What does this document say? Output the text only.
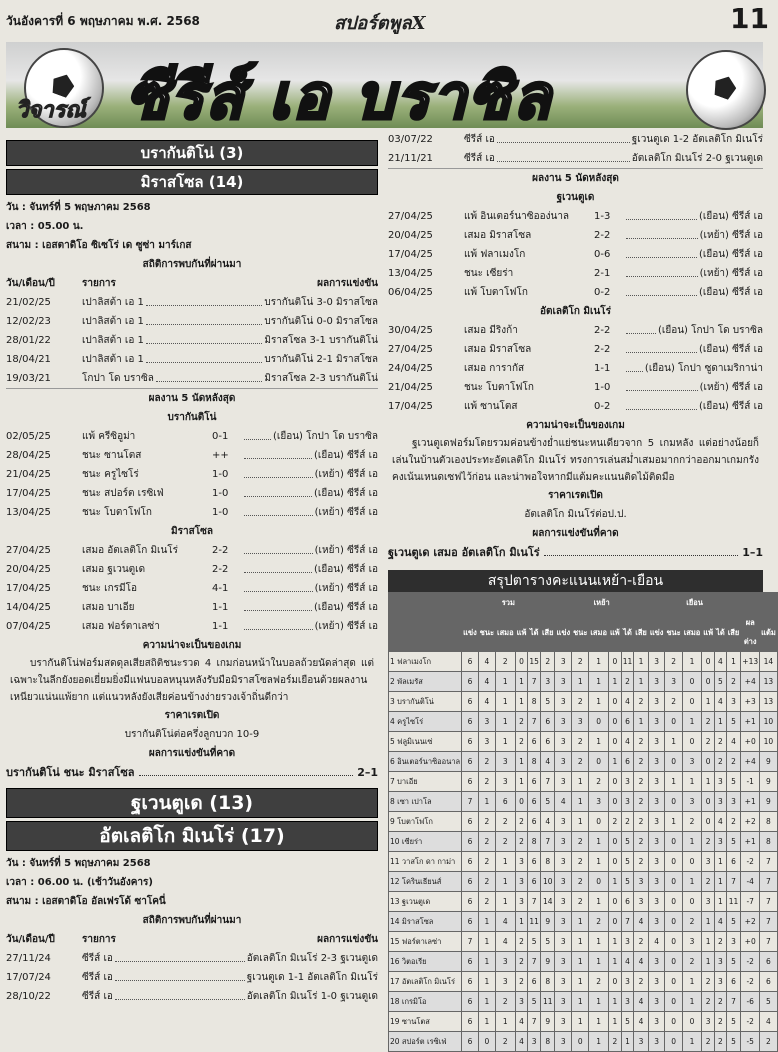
วันอังคารที่ 6 พฤษภาคม พ.ศ. 2568	สปอร์ตพูลX	11
วิจารณ์ ซีรีส์ เอ บราซิล
บรากันติโน่ (3)
มิราสโซล (14)
วัน : จันทร์ที่ 5 พฤษภาคม 2568
เวลา : 05.00 น.
สนาม : เอสตาดิโอ ซิเซโร่ เด ซูซ่า มาร์เกส
สถิติการพบกันที่ผ่านมา
วัน/เดือน/ปี	รายการ	ผลการแข่งขัน
21/02/25	เปาลิสต้า เอ 1	บรากันติโน่ 3-0 มิราสโซล
12/02/23	เปาลิสต้า เอ 1	บรากันติโน่ 0-0 มิราสโซล
28/01/22	เปาลิสต้า เอ 1	มิราสโซล 3-1 บรากันติโน่
18/04/21	เปาลิสต้า เอ 1	บรากันติโน่ 2-1 มิราสโซล
19/03/21	โกปา โด บราซิล	มิราสโซล 2-3 บรากันติโน่
ผลงาน 5 นัดหลังสุด
บรากันติโน่
02/05/25	แพ้ ครีซิอูม่า	0-1	(เยือน) โกปา โด บราซิล
28/04/25	ชนะ ซานโตส	++	(เยือน) ซีรีส์ เอ
21/04/25	ชนะ ครูไซโร่	1-0	(เหย้า) ซีรีส์ เอ
17/04/25	ชนะ สปอร์ต เรซิเฟ่	1-0	(เยือน) ซีรีส์ เอ
13/04/25	ชนะ โบตาโฟโก	1-0	(เหย้า) ซีรีส์ เอ
มิราสโซล
27/04/25	เสมอ อัตเลติโก มิเนโร่	2-2	(เหย้า) ซีรีส์ เอ
20/04/25	เสมอ ฐเวนตูเด	2-2	(เยือน) ซีรีส์ เอ
17/04/25	ชนะ เกรมีโอ	4-1	(เหย้า) ซีรีส์ เอ
14/04/25	เสมอ บาเอีย	1-1	(เยือน) ซีรีส์ เอ
07/04/25	เสมอ ฟอร์ตาเลซ่า	1-1	(เหย้า) ซีรีส์ เอ
ความน่าจะเป็นของเกม
บรากันติโน่ฟอร์มสดดุลเสียสถิติชนะรวด 4 เกมก่อนหน้าในบอลถ้วยนัดล่าสุด แต่เฉพาะในลีกยังยอดเยี่ยมยิ่งมีแฟนบอลหนุนหลังรับมือมิราสโซลฟอร์มเยือนด้วยผลงานเหนียวแน่นแพ้ยาก แต่แนวหลังยังเสียค่อนข้างง่ายรวงเจ้าถิ่นดีกว่า
ราคาเรตเปิด
บรากันติโน่ต่อครึ่งลูกบวก 10-9
ผลการแข่งขันที่คาด
บรากันติโน่ ชนะ มิราสโซล	2–1
ฐเวนตูเด (13)
อัตเลติโก มิเนโร่ (17)
วัน : จันทร์ที่ 5 พฤษภาคม 2568
เวลา : 06.00 น. (เช้าวันอังคาร)
สนาม : เอสตาดิโอ อัลเฟรโด้ ซาโคนี่
สถิติการพบกันที่ผ่านมา
วัน/เดือน/ปี	รายการ	ผลการแข่งขัน
27/11/24	ซีรีส์ เอ	อัตเลติโก มิเนโร่ 2-3 ฐเวนตูเด
17/07/24	ซีรีส์ เอ	ฐเวนตูเด 1-1 อัตเลติโก มิเนโร่
28/10/22	ซีรีส์ เอ	อัตเลติโก มิเนโร่ 1-0 ฐเวนตูเด
03/07/22	ซีรีส์ เอ	ฐเวนตูเด 1-2 อัตเลติโก มิเนโร่
21/11/21	ซีรีส์ เอ	อัตเลติโก มิเนโร่ 2-0 ฐเวนตูเด
ผลงาน 5 นัดหลังสุด
ฐเวนตูเด
27/04/25	แพ้ อินเตอร์นาซิออง่นาล	1-3	(เยือน) ซีรีส์ เอ
20/04/25	เสมอ มิราสโซล	2-2	(เหย้า) ซีรีส์ เอ
17/04/25	แพ้ ฟลาเมงโก	0-6	(เยือน) ซีรีส์ เอ
13/04/25	ชนะ เซียร่า	2-1	(เหย้า) ซีรีส์ เอ
06/04/25	แพ้ โบตาโฟโก	0-2	(เยือน) ซีรีส์ เอ
อัตเลติโก มิเนโร่
30/04/25	เสมอ มีริงก้า	2-2	(เยือน) โกปา โด บราซิล
27/04/25	เสมอ มิราสโซล	2-2	(เยือน) ซีรีส์ เอ
24/04/25	เสมอ การากัส	1-1	(เยือน) โกปา ซูดาเมริกาน่า
21/04/25	ชนะ โบตาโฟโก	1-0	(เหย้า) ซีรีส์ เอ
17/04/25	แพ้ ซานโตส	0-2	(เยือน) ซีรีส์ เอ
ความน่าจะเป็นของเกม
ฐเวนตูเดฟอร์มโดยรวมค่อนข้างย่ำแย่ชนะหนเดียวจาก 5 เกมหลัง แต่อย่างน้อยก็เล่นในบ้านตัวเองประทะอัตเลติโก มิเนโร่ ทรงการเล่นสม่ำเสมอมากกว่าออกมาเกมกรังคงเน้นเหนดเซฟไว้ก่อน และน่าพอใจหากมีแต้มคะแนนติดไม้ติดมือ
ราคาเรตเปิด
อัตเลติโก มิเนโร่ต่อป.ป.
ผลการแข่งขันที่คาด
ฐเวนตูเด เสมอ อัตเลติโก มิเนโร่	1–1
สรุปตารางคะแนนเหย้า-เยือน
	รวม						เหย้า						เยือน							
	แข่ง	ชนะ	เสมอ	แพ้	ได้	เสีย	แข่ง	ชนะ	เสมอ	แพ้	ได้	เสีย	แข่ง	ชนะ	เสมอ	แพ้	ได้	เสีย	ผลต่าง	แต้ม
1 ฟลาเมงโก	6	4	2	0	15	2	3	2	1	0	11	1	3	2	1	0	4	1	+13	14
2 พัลเมรัส	6	4	1	1	7	3	3	1	1	1	2	1	3	3	0	0	5	2	+4	13
3 บรากันติโน่	6	4	1	1	8	5	3	2	1	0	4	2	3	2	0	1	4	3	+3	13
4 ครูไซโร่	6	3	1	2	7	6	3	3	0	0	6	1	3	0	1	2	1	5	+1	10
5 ฟลูมิเนนเซ่	6	3	1	2	6	6	3	2	1	0	4	2	3	1	0	2	2	4	+0	10
6 อินเตอร์นาซิออนาล	6	2	3	1	8	4	3	2	0	1	6	2	3	0	3	0	2	2	+4	9
7 บาเอีย	6	2	3	1	6	7	3	1	2	0	3	2	3	1	1	1	3	5	-1	9
8 เซา เปาโล	7	1	6	0	6	5	4	1	3	0	3	2	3	0	3	0	3	3	+1	9
9 โบตาโฟโก	6	2	2	2	6	4	3	1	0	2	2	2	3	1	2	0	4	2	+2	8
10 เซียร่า	6	2	2	2	8	7	3	2	1	0	5	2	3	0	1	2	3	5	+1	8
11 วาสโก ดา กาม่า	6	2	1	3	6	8	3	2	1	0	5	2	3	0	0	3	1	6	-2	7
12 โครินเธียนส์	6	2	1	3	6	10	3	2	0	1	5	3	3	0	1	2	1	7	-4	7
13 ฐเวนตูเด	6	2	1	3	7	14	3	2	1	0	6	3	3	0	0	3	1	11	-7	7
14 มิราสโซล	6	1	4	1	11	9	3	1	2	0	7	4	3	0	2	1	4	5	+2	7
15 ฟอร์ตาเลซ่า	7	1	4	2	5	5	3	1	1	1	3	2	4	0	3	1	2	3	+0	7
16 วิตอเรีย	6	1	3	2	7	9	3	1	1	1	4	4	3	0	2	1	3	5	-2	6
17 อัตเลติโก มิเนโร่	6	1	3	2	6	8	3	1	2	0	3	2	3	0	1	2	3	6	-2	6
18 เกรมิโอ	6	1	2	3	5	11	3	1	1	1	3	4	3	0	1	2	2	7	-6	5
19 ซานโตส	6	1	1	4	7	9	3	1	1	1	5	4	3	0	0	3	2	5	-2	4
20 สปอร์ต เรซิเฟ่	6	0	2	4	3	8	3	0	1	2	1	3	3	0	1	2	2	5	-5	2
